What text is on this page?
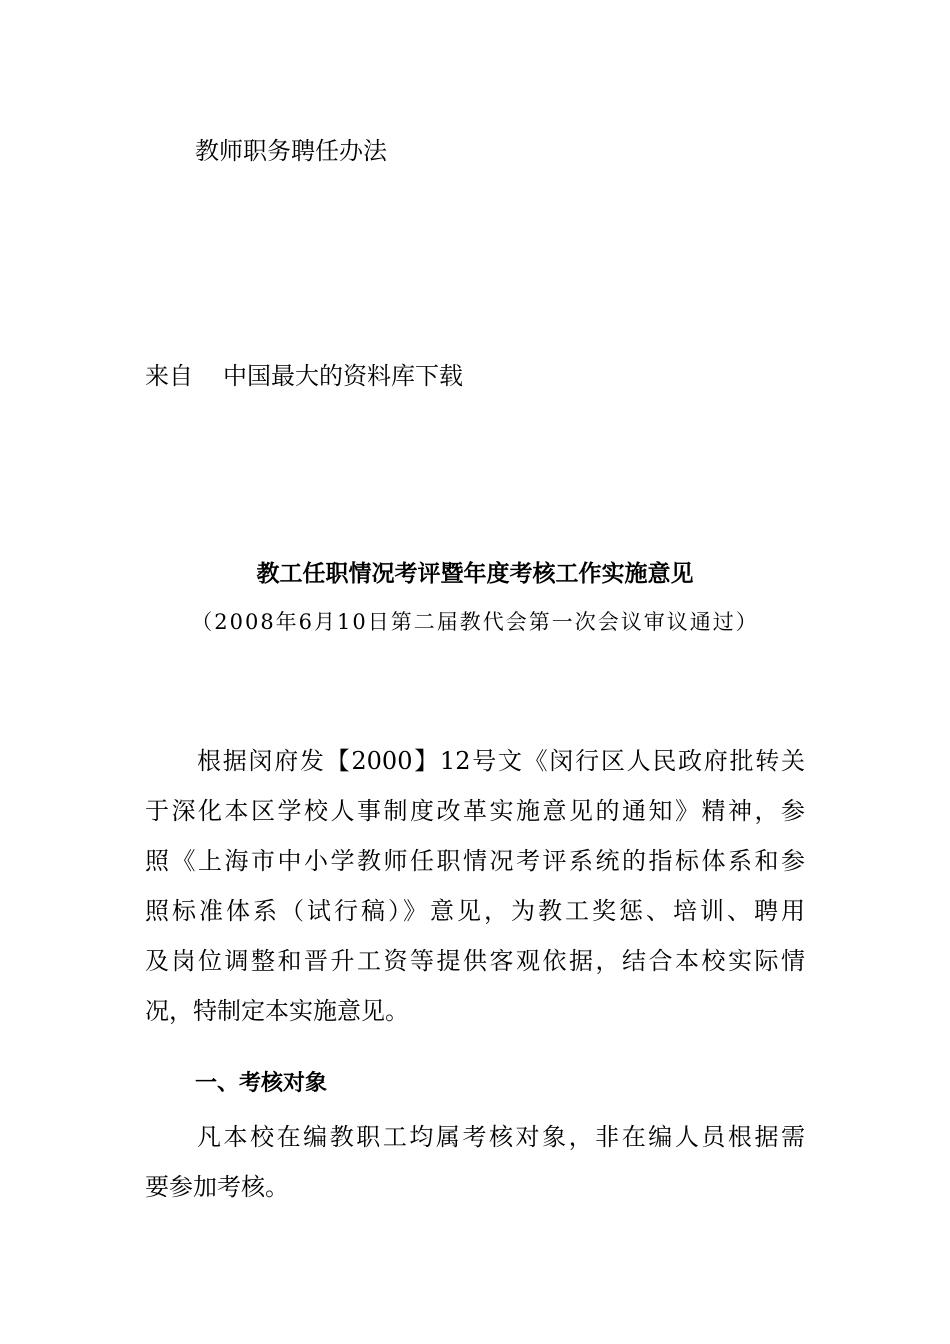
教师职务聘任办法
来自 中国最大的资料库下载
教工任职情况考评暨年度考核工作实施意见
（2008年6月10日第二届教代会第一次会议审议通过）
根据闵府发【2000】12号文《闵行区人民政府批转关
于深化本区学校人事制度改革实施意见的通知》精神，参
照《上海市中小学教师任职情况考评系统的指标体系和参
照标准体系（试行稿）》意见，为教工奖惩、培训、聘用
及岗位调整和晋升工资等提供客观依据，结合本校实际情
况，特制定本实施意见。
一、考核对象
凡本校在编教职工均属考核对象，非在编人员根据需
要参加考核。
